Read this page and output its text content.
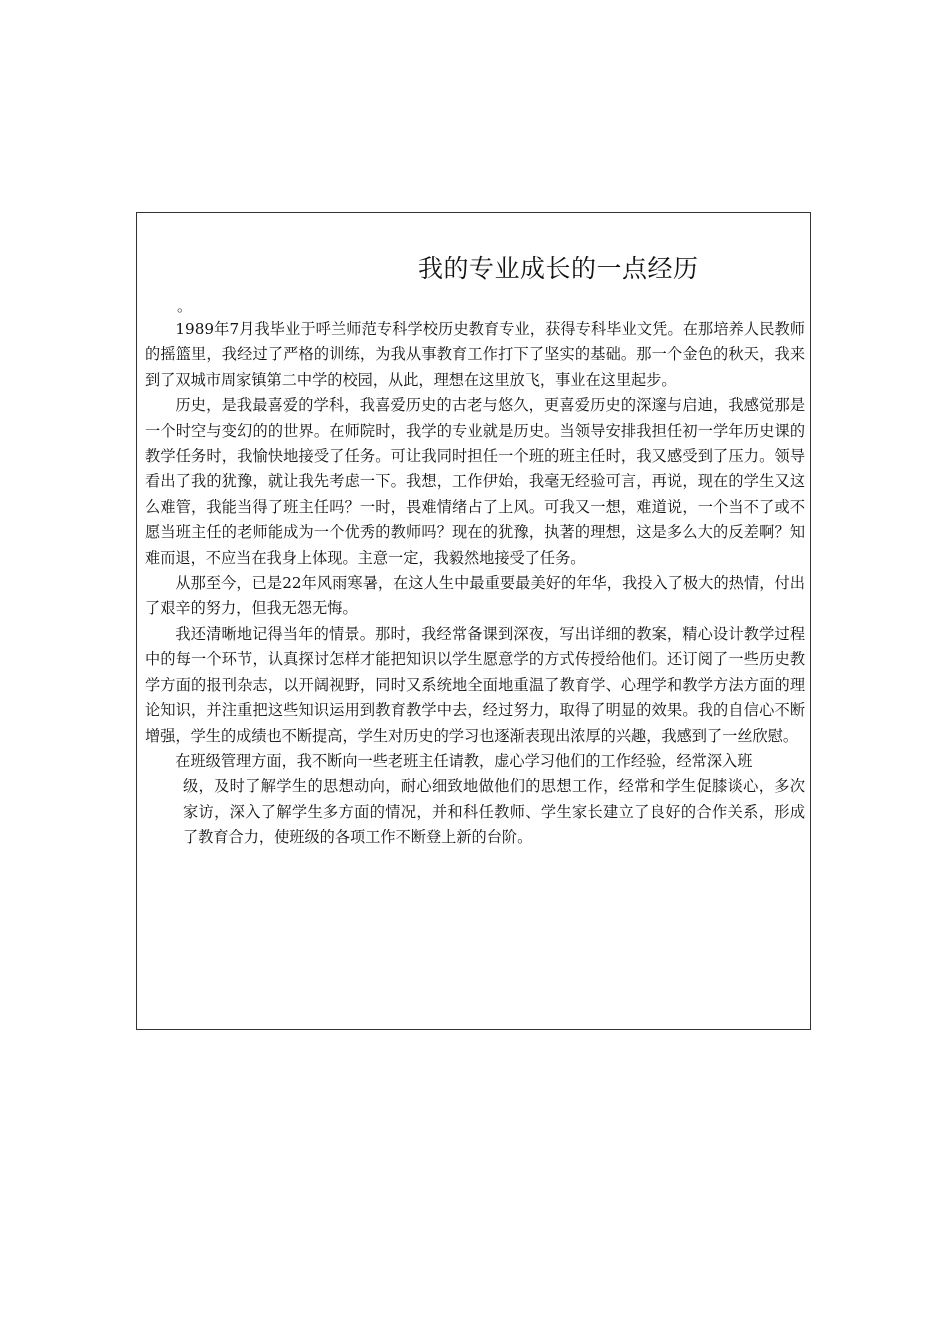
我的专业成长的一点经历
。

1989年7月我毕业于呼兰师范专科学校历史教育专业，获得专科毕业文凭。在那培养人民教师的摇篮里，我经过了严格的训练，为我从事教育工作打下了坚实的基础。那一个金色的秋天，我来到了双城市周家镇第二中学的校园，从此，理想在这里放飞，事业在这里起步。

历史，是我最喜爱的学科，我喜爱历史的古老与悠久，更喜爱历史的深邃与启迪，我感觉那是一个时空与变幻的的世界。在师院时，我学的专业就是历史。当领导安排我担任初一学年历史课的教学任务时，我愉快地接受了任务。可让我同时担任一个班的班主任时，我又感受到了压力。领导看出了我的犹豫，就让我先考虑一下。我想，工作伊始，我毫无经验可言，再说，现在的学生又这么难管，我能当得了班主任吗？一时，畏难情绪占了上风。可我又一想，难道说，一个当不了或不愿当班主任的老师能成为一个优秀的教师吗？现在的犹豫，执著的理想，这是多么大的反差啊？知难而退，不应当在我身上体现。主意一定，我毅然地接受了任务。

从那至今，已是22年风雨寒暑，在这人生中最重要最美好的年华，我投入了极大的热情，付出了艰辛的努力，但我无怨无悔。

我还清晰地记得当年的情景。那时，我经常备课到深夜，写出详细的教案，精心设计教学过程中的每一个环节，认真探讨怎样才能把知识以学生愿意学的方式传授给他们。还订阅了一些历史教学方面的报刊杂志，以开阔视野，同时又系统地全面地重温了教育学、心理学和教学方法方面的理论知识，并注重把这些知识运用到教育教学中去，经过努力，取得了明显的效果。我的自信心不断增强，学生的成绩也不断提高，学生对历史的学习也逐渐表现出浓厚的兴趣，我感到了一丝欣慰。

在班级管理方面，我不断向一些老班主任请教，虚心学习他们的工作经验，经常深入班
级，及时了解学生的思想动向，耐心细致地做他们的思想工作，经常和学生促膝谈心，多次家访，深入了解学生多方面的情况，并和科任教师、学生家长建立了良好的合作关系，形成了教育合力，使班级的各项工作不断登上新的台阶。
